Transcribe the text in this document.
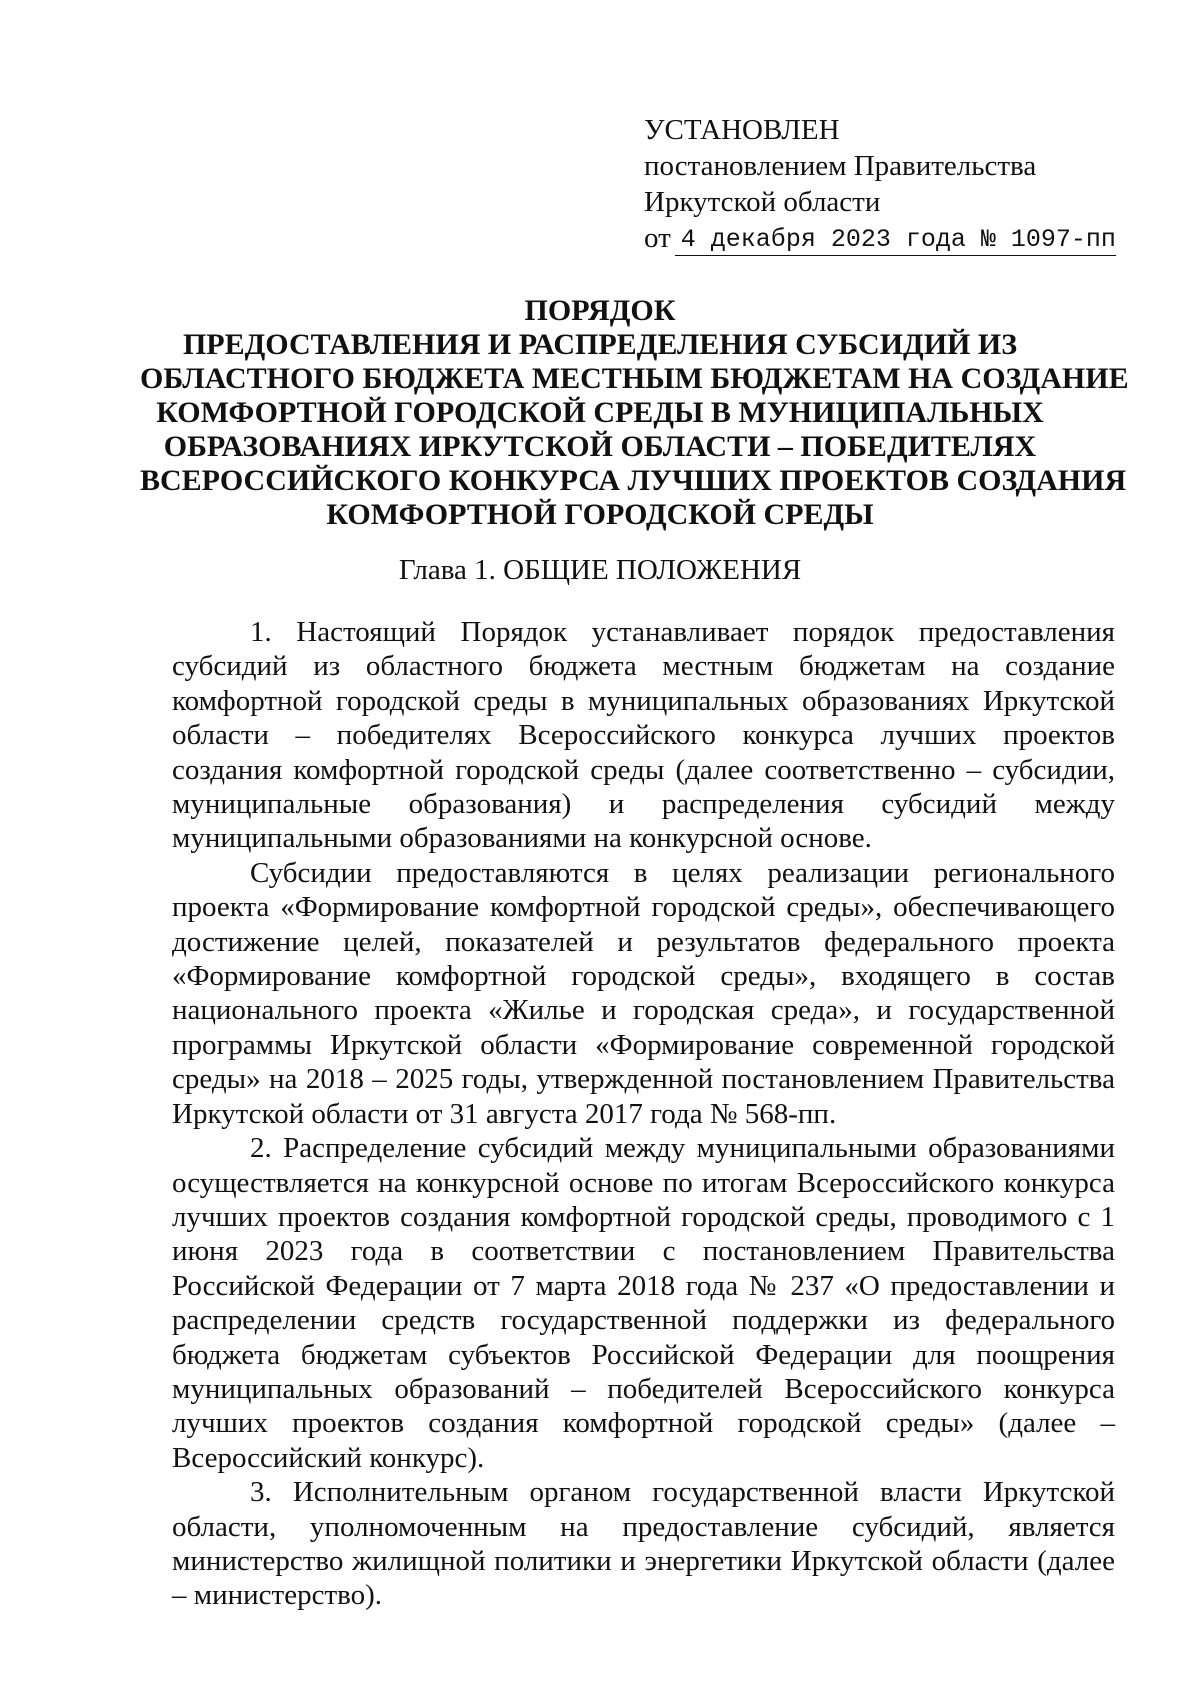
УСТАНОВЛЕН
постановлением Правительства
Иркутской области
от 4 декабря 2023 года № 1097-пп
ПОРЯДОК
ПРЕДОСТАВЛЕНИЯ И РАСПРЕДЕЛЕНИЯ СУБСИДИЙ ИЗ
ОБЛАСТНОГО БЮДЖЕТА МЕСТНЫМ БЮДЖЕТАМ НА СОЗДАНИЕ
КОМФОРТНОЙ ГОРОДСКОЙ СРЕДЫ В МУНИЦИПАЛЬНЫХ
ОБРАЗОВАНИЯХ ИРКУТСКОЙ ОБЛАСТИ – ПОБЕДИТЕЛЯХ
ВСЕРОССИЙСКОГО КОНКУРСА ЛУЧШИХ ПРОЕКТОВ СОЗДАНИЯ
КОМФОРТНОЙ ГОРОДСКОЙ СРЕДЫ
Глава 1. ОБЩИЕ ПОЛОЖЕНИЯ

1. Настоящий Порядок устанавливает порядок предоставления субсидий из областного бюджета местным бюджетам на создание комфортной городской среды в муниципальных образованиях Иркутской области – победителях Всероссийского конкурса лучших проектов создания комфортной городской среды (далее соответственно – субсидии, муниципальные образования) и распределения субсидий между муниципальными образованиями на конкурсной основе.

Субсидии предоставляются в целях реализации регионального проекта «Формирование комфортной городской среды», обеспечивающего достижение целей, показателей и результатов федерального проекта «Формирование комфортной городской среды», входящего в состав национального проекта «Жилье и городская среда», и государственной программы Иркутской области «Формирование современной городской среды» на 2018 – 2025 годы, утвержденной постановлением Правительства Иркутской области от 31 августа 2017 года № 568-пп.

2. Распределение субсидий между муниципальными образованиями осуществляется на конкурсной основе по итогам Всероссийского конкурса лучших проектов создания комфортной городской среды, проводимого с 1 июня 2023 года в соответствии с постановлением Правительства Российской Федерации от 7 марта 2018 года № 237 «О предоставлении и распределении средств государственной поддержки из федерального бюджета бюджетам субъектов Российской Федерации для поощрения муниципальных образований – победителей Всероссийского конкурса лучших проектов создания комфортной городской среды» (далее – Всероссийский конкурс).

3. Исполнительным органом государственной власти Иркутской области, уполномоченным на предоставление субсидий, является министерство жилищной политики и энергетики Иркутской области (далее – министерство).
